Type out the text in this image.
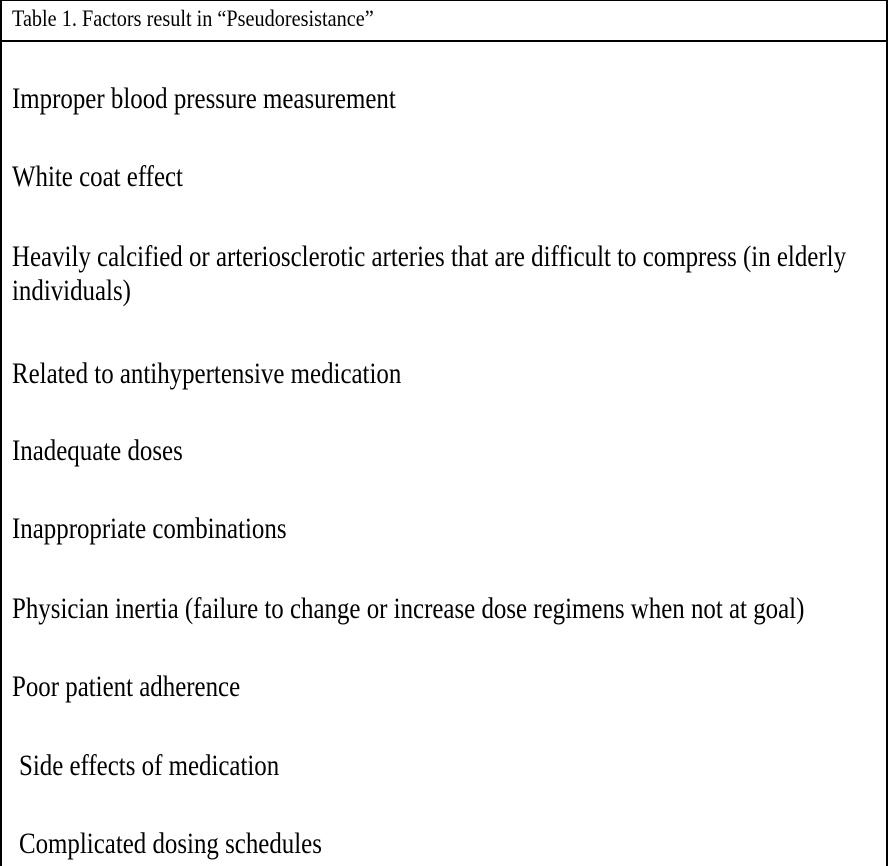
Table 1. Factors result in “Pseudoresistance”
Improper blood pressure measurement
White coat effect
Heavily calcified or arteriosclerotic arteries that are difficult to compress (in elderly
individuals)
Related to antihypertensive medication
Inadequate doses
Inappropriate combinations
Physician inertia (failure to change or increase dose regimens when not at goal)
Poor patient adherence
Side effects of medication
Complicated dosing schedules
